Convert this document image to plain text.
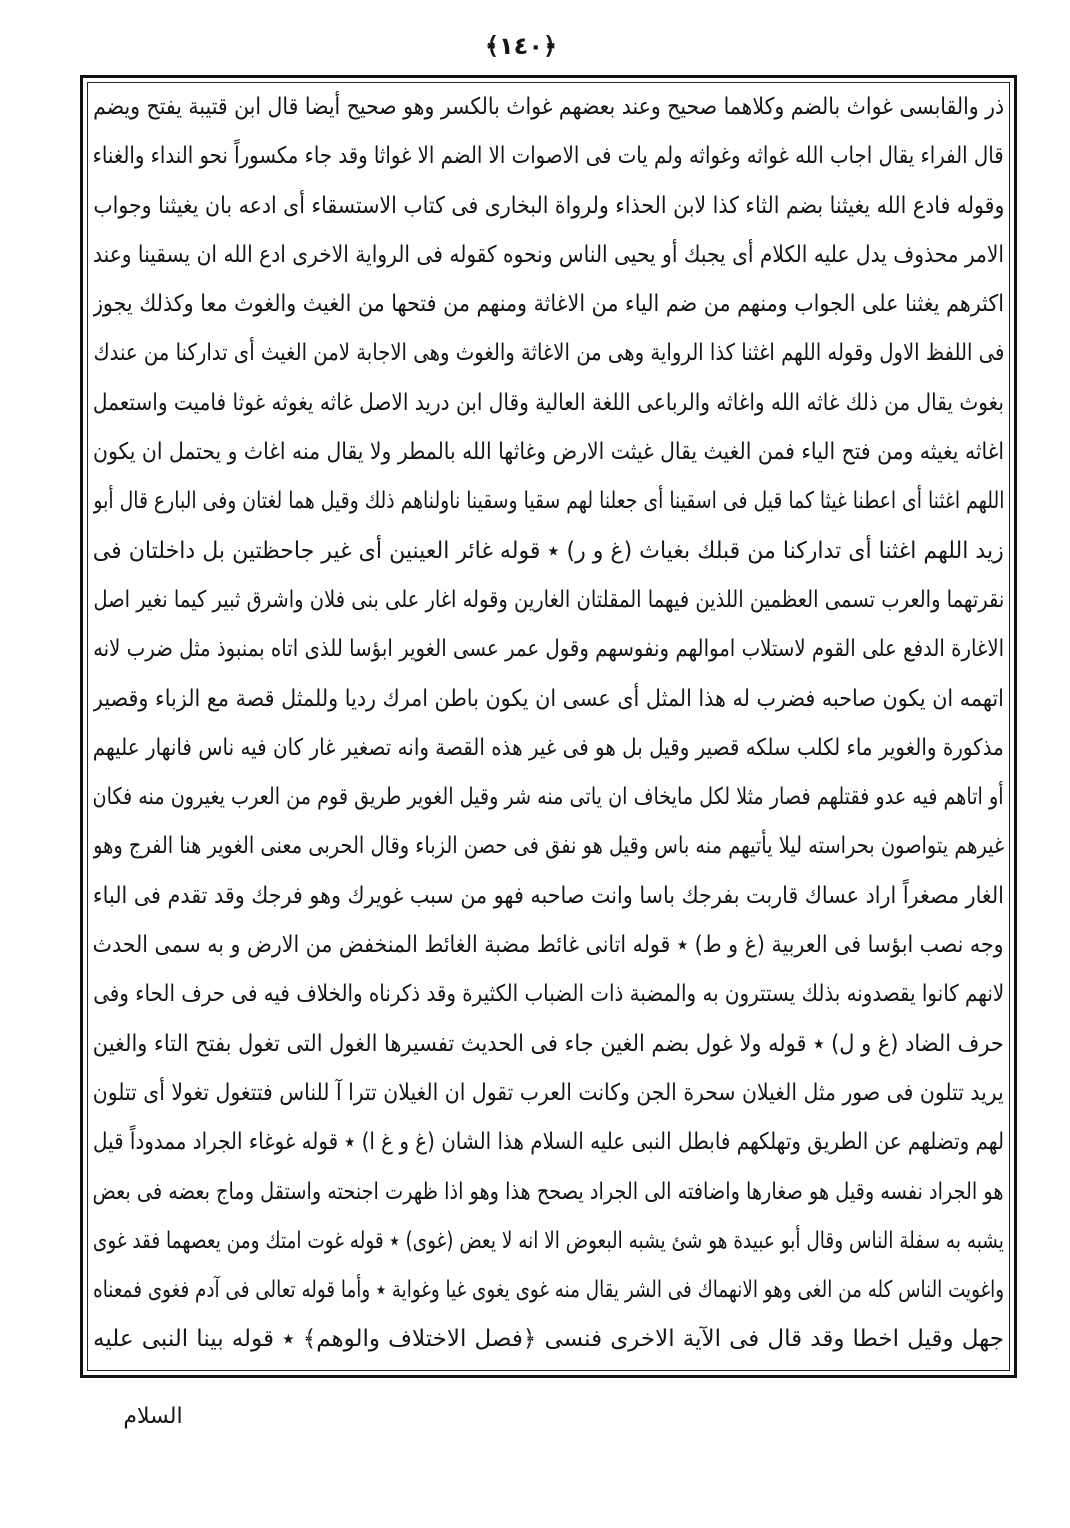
﴿١٤٠﴾
ذر والقابسى غواث بالضم وكلاهما صحيح وعند بعضهم غواث بالكسر وهو صحيح أيضا قال ابن قتيبة يفتح ويضم
قال الفراء يقال اجاب الله غواثه وغواثه ولم يات فى الاصوات الا الضم الا غواثا وقد جاء مكسوراً نحو النداء والغناء
وقوله فادع الله يغيثنا بضم الثاء كذا لابن الحذاء ولرواة البخارى فى كتاب الاستسقاء أى ادعه بان يغيثنا وجواب
الامر محذوف يدل عليه الكلام أى يجبك أو يحيى الناس ونحوه كقوله فى الرواية الاخرى ادع الله ان يسقينا وعند
اكثرهم يغثنا على الجواب ومنهم من ضم الياء من الاغاثة ومنهم من فتحها من الغيث والغوث معا وكذلك يجوز
فى اللفظ الاول وقوله اللهم اغثنا كذا الرواية وهى من الاغاثة والغوث وهى الاجابة لامن الغيث أى تداركنا من عندك
بغوث يقال من ذلك غاثه الله واغاثه والرباعى اللغة العالية وقال ابن دريد الاصل غاثه يغوثه غوثا فاميت واستعمل
اغاثه يغيثه ومن فتح الياء فمن الغيث يقال غيثت الارض وغاثها الله بالمطر ولا يقال منه اغاث و يحتمل ان يكون
اللهم اغثنا أى اعطنا غيثا كما قيل فى اسقينا أى جعلنا لهم سقيا وسقينا ناولناهم ذلك وقيل هما لغتان وفى البارع قال أبو
زيد اللهم اغثنا أى تداركنا من قبلك بغياث (غ و ر) ٭ قوله غائر العينين أى غير جاحظتين بل داخلتان فى
نقرتهما والعرب تسمى العظمين اللذين فيهما المقلتان الغارين وقوله اغار على بنى فلان واشرق ثبير كيما نغير اصل
الاغارة الدفع على القوم لاستلاب اموالهم ونفوسهم وقول عمر عسى الغوير ابؤسا للذى اتاه بمنبوذ مثل ضرب لانه
اتهمه ان يكون صاحبه فضرب له هذا المثل أى عسى ان يكون باطن امرك رديا وللمثل قصة مع الزباء وقصير
مذكورة والغوير ماء لكلب سلكه قصير وقيل بل هو فى غير هذه القصة وانه تصغير غار كان فيه ناس فانهار عليهم
أو اتاهم فيه عدو فقتلهم فصار مثلا لكل مايخاف ان ياتى منه شر وقيل الغوير طريق قوم من العرب يغيرون منه فكان
غيرهم يتواصون بحراسته ليلا يأتيهم منه باس وقيل هو نفق فى حصن الزباء وقال الحربى معنى الغوير هنا الفرج وهو
الغار مصغراً اراد عساك قاربت بفرجك باسا وانت صاحبه فهو من سبب غويرك وهو فرجك وقد تقدم فى الباء
وجه نصب ابؤسا فى العربية (غ و ط) ٭ قوله اتانى غائط مضبة الغائط المنخفض من الارض و به سمى الحدث
لانهم كانوا يقصدونه بذلك يستترون به والمضبة ذات الضباب الكثيرة وقد ذكرناه والخلاف فيه فى حرف الحاء وفى
حرف الضاد (غ و ل) ٭ قوله ولا غول بضم الغين جاء فى الحديث تفسيرها الغول التى تغول بفتح التاء والغين
يريد تتلون فى صور مثل الغيلان سحرة الجن وكانت العرب تقول ان الغيلان تترا آ للناس فتتغول تغولا أى تتلون
لهم وتضلهم عن الطريق وتهلكهم فابطل النبى عليه السلام هذا الشان (غ و غ ا) ٭ قوله غوغاء الجراد ممدوداً قيل
هو الجراد نفسه وقيل هو صغارها واضافته الى الجراد يصحح هذا وهو اذا ظهرت اجنحته واستقل وماج بعضه فى بعض
يشبه به سفلة الناس وقال أبو عبيدة هو شئ يشبه البعوض الا انه لا يعض (غوى) ٭ قوله غوت امتك ومن يعصهما فقد غوى
واغويت الناس كله من الغى وهو الانهماك فى الشر يقال منه غوى يغوى غيا وغواية ٭ وأما قوله تعالى فى آدم فغوى فمعناه
جهل وقيل اخطا وقد قال فى الآية الاخرى فنسى ﴿فصل الاختلاف والوهم﴾ ٭ قوله بينا النبى عليه
السلام
